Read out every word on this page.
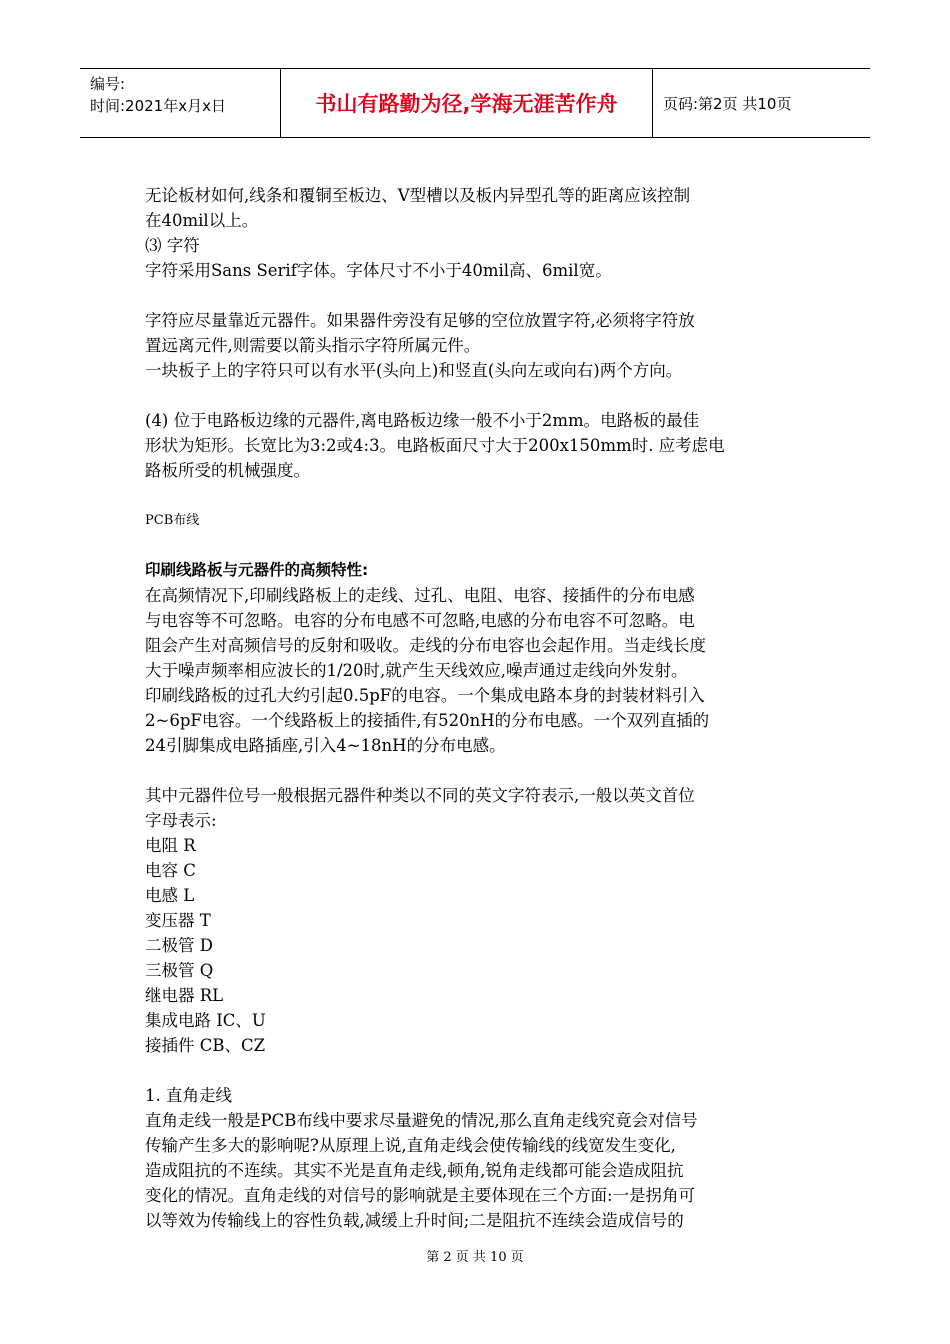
编号:
时间:2021年x月x日	书山有路勤为径,学海无涯苦作舟	页码:第2页 共10页

无论板材如何,线条和覆铜至板边、V型槽以及板内异型孔等的距离应该控制

在40mil以上。

⑶ 字符

字符采用Sans Serif字体。字体尺寸不小于40mil高、6mil宽。

字符应尽量靠近元器件。如果器件旁没有足够的空位放置字符,必须将字符放

置远离元件,则需要以箭头指示字符所属元件。

一块板子上的字符只可以有水平(头向上)和竖直(头向左或向右)两个方向。

(4) 位于电路板边缘的元器件,离电路板边缘一般不小于2mm。电路板的最佳

形状为矩形。长宽比为3:2或4:3。电路板面尺寸大于200x150mm时. 应考虑电

路板所受的机械强度。

PCB布线

印刷线路板与元器件的高频特性:

在高频情况下,印刷线路板上的走线、过孔、电阻、电容、接插件的分布电感

与电容等不可忽略。电容的分布电感不可忽略,电感的分布电容不可忽略。电

阻会产生对高频信号的反射和吸收。走线的分布电容也会起作用。当走线长度

大于噪声频率相应波长的1/20时,就产生天线效应,噪声通过走线向外发射。

印刷线路板的过孔大约引起0.5pF的电容。一个集成电路本身的封装材料引入

2~6pF电容。一个线路板上的接插件,有520nH的分布电感。一个双列直插的

24引脚集成电路插座,引入4~18nH的分布电感。

其中元器件位号一般根据元器件种类以不同的英文字符表示,一般以英文首位

字母表示:

电阻 R

电容 C

电感 L

变压器 T

二极管 D

三极管 Q

继电器 RL

集成电路 IC、U

接插件 CB、CZ

1. 直角走线

直角走线一般是PCB布线中要求尽量避免的情况,那么直角走线究竟会对信号

传输产生多大的影响呢?从原理上说,直角走线会使传输线的线宽发生变化,

造成阻抗的不连续。其实不光是直角走线,顿角,锐角走线都可能会造成阻抗

变化的情况。直角走线的对信号的影响就是主要体现在三个方面:一是拐角可

以等效为传输线上的容性负载,减缓上升时间;二是阻抗不连续会造成信号的

第 2 页 共 10 页
